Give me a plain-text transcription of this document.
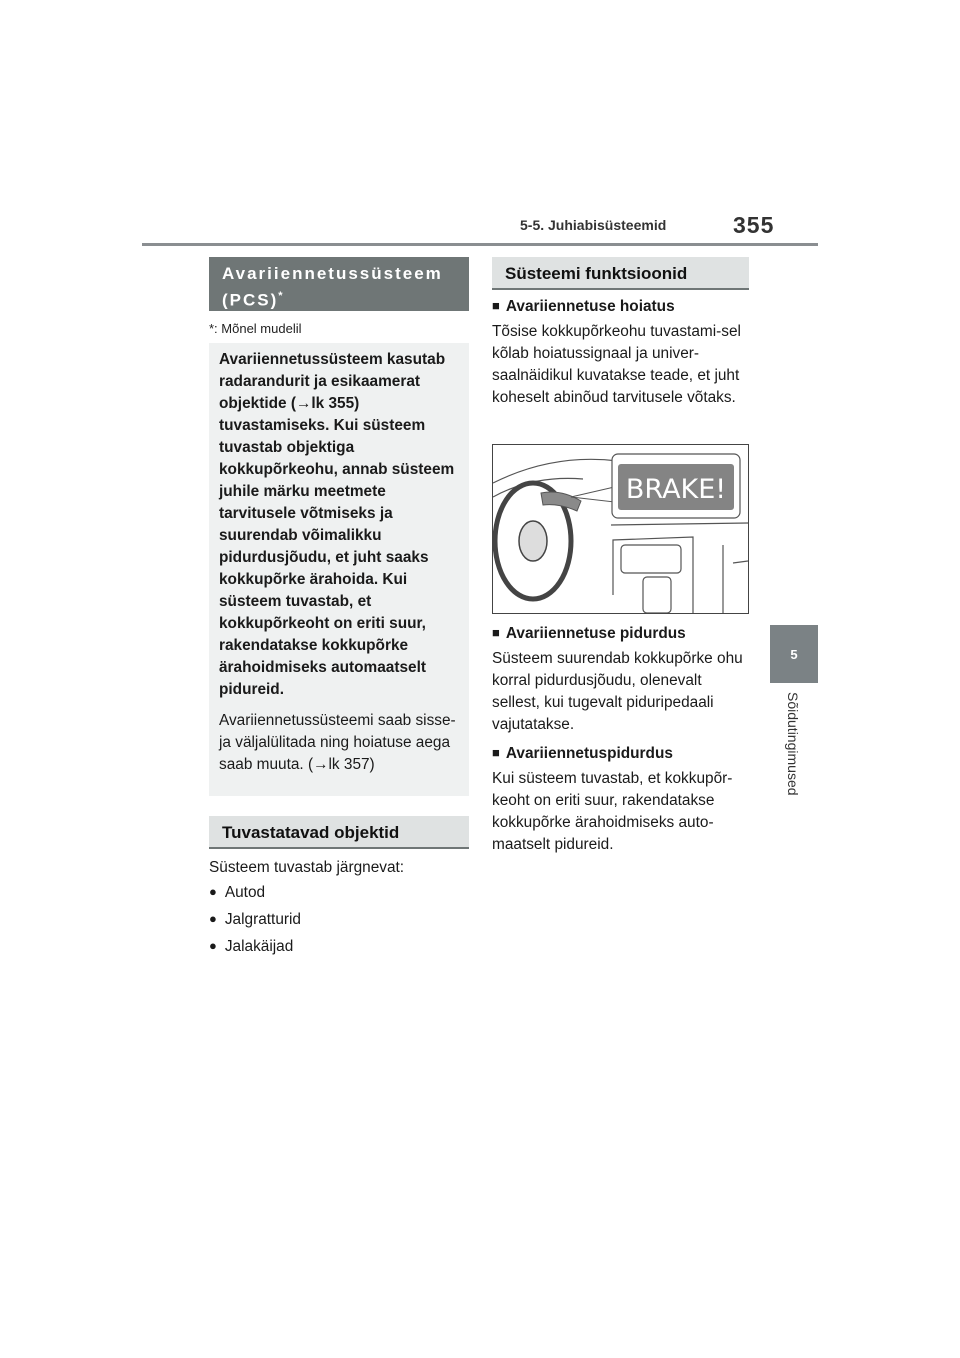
5-5. Juhiabisüsteemid	355
5
Sõidutingimused
Avariiennetussüsteem (PCS)*
*: Mõnel mudelil

Avariiennetussüsteem kasutab radarandurit ja esikaamerat objektide (→lk 355) tuvastamiseks. Kui süsteem tuvastab objektiga kokkupõrkeohu, annab süsteem juhile märku meetmete tarvitusele võtmiseks ja suurendab võimalikku pidurdusjõudu, et juht saaks kokkupõrke ärahoida. Kui süsteem tuvastab, et kokkupõrkeoht on eriti suur, rakendatakse kokkupõrke ärahoidmiseks automaatselt pidureid.

Avariiennetussüsteemi saab sisse- ja väljalülitada ning hoiatuse aega saab muuta. (→lk 357)

Tuvastatavad objektid
Süsteem tuvastab järgnevat:
● Autod
● Jalgratturid
● Jalakäijad
Süsteemi funktsioonid
■ Avariiennetuse hoiatus
Tõsise kokkupõrkeohu tuvastami-sel kõlab hoiatussignaal ja univer-saalnäidikul kuvatakse teade, et juht koheselt abinõud tarvitusele võtaks.
BRAKE!
■ Avariiennetuse pidurdus
Süsteem suurendab kokkupõrke ohu korral pidurdusjõudu, olenevalt sellest, kui tugevalt piduripedaali vajutatakse.
■ Avariiennetuspidurdus
Kui süsteem tuvastab, et kokkupõr-keoht on eriti suur, rakendatakse kokkupõrke ärahoidmiseks auto-maatselt pidureid.
